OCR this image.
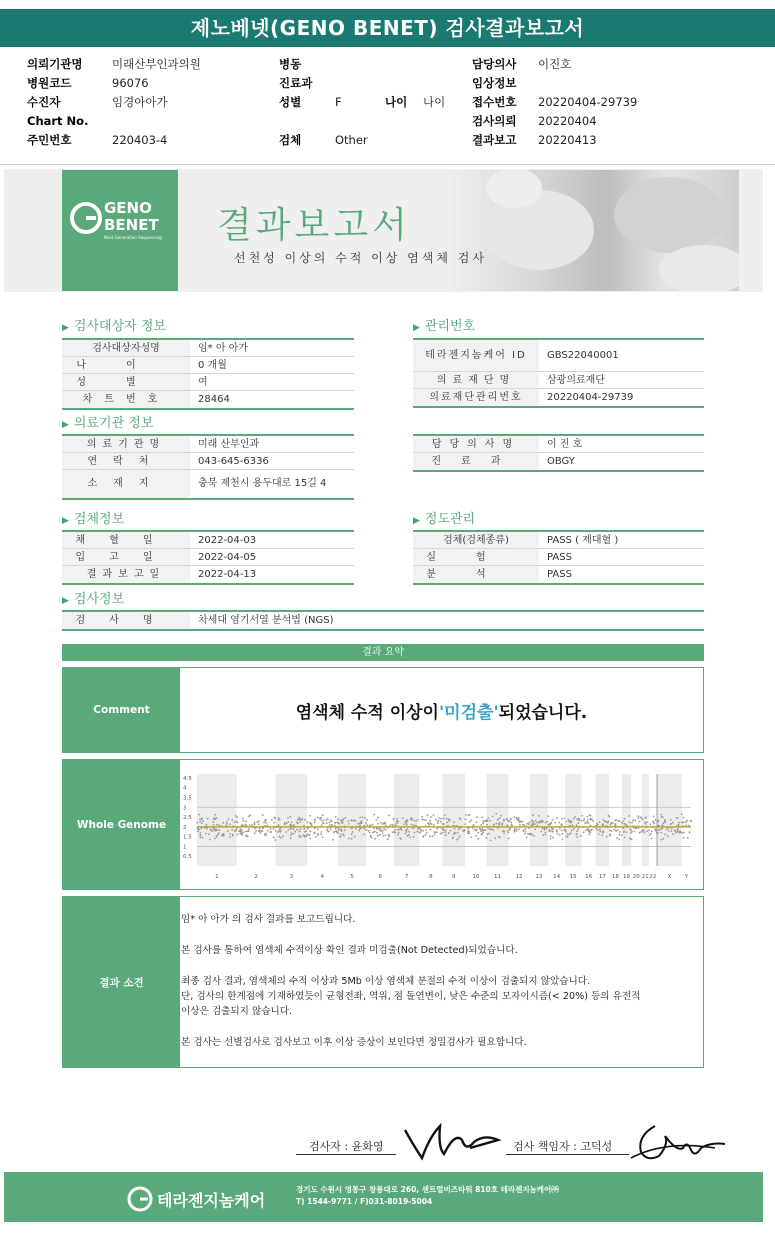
제노베넷(GENO BENET) 검사결과보고서
의뢰기관명	미래산부인과의원
병원코드	96076
수진자	임경아아가
Chart No.
주민번호	220403-4
병동
진료과
성별	F	나이 나이

검체	Other
담당의사 이진호
임상정보
접수번호 20220404-29739
검사의뢰 20220404
결과보고 20220413
결과보고서
선천성 이상의 수적 이상 염색체 검사
GENO
BENET
Next Generation Sequencing
▶ 검사대상자 정보
검사대상자성명	임* 아 아가
나이	0 개월
성별	여
차트번호	28464
▶ 관리번호
테라젠지놈케어 ID	GBS22040001
의료재단명	삼광의료재단
의료재단관리번호	20220404-29739
▶ 의료기관 정보
의료기관명	미래 산부인과
연락처	043-645-6336
소재지	충북 제천시 용두대로 15길 4
담당의사명	이 진 호
진료과	OBGY
▶ 검체정보
채혈일	2022-04-03
입고일	2022-04-05
결과보고일	2022-04-13
▶ 정도관리
검체(검체종류)	PASS ( 제대혈 )
실험	PASS
분석	PASS
▶ 검사정보
검사명	차세대 염기서열 분석법 (NGS)
결과 요약
Comment	염색체 수적 이상이 '미검출' 되었습니다.
Whole Genome
4.5
4
3.5
3
2.5
2
1.5
1
0.5
1	2	3	4	5	6	7	8	9	10	11	12 13 14 15 16 17 18 19 20 21 22 X Y
결과 소견
임* 아 아가 의 검사 결과를 보고드립니다.
본 검사를 통하여 염색체 수적이상 확인 결과 미검출(Not Detected)되었습니다.
최종 검사 결과, 염색체의 수적 이상과 5Mb 이상 염색체 분절의 수적 이상이 검출되지 않았습니다.
단, 검사의 한계점에 기재하였듯이 균형전좌, 역위, 점 돌연변이, 낮은 수준의 모자이시즘(< 20%) 등의 유전적
이상은 검출되지 않습니다.
본 검사는 선별검사로 검사보고 이후 이상 증상이 보인다면 정밀검사가 필요합니다.
검사자 : 윤화영	검사 책임자 : 고덕성
테라젠지놈케어
경기도 수원시 영통구 창룡대로 260, 센트럴비즈타워 810호 테라젠지놈케어㈜
T) 1544-9771 / F)031-8019-5004
